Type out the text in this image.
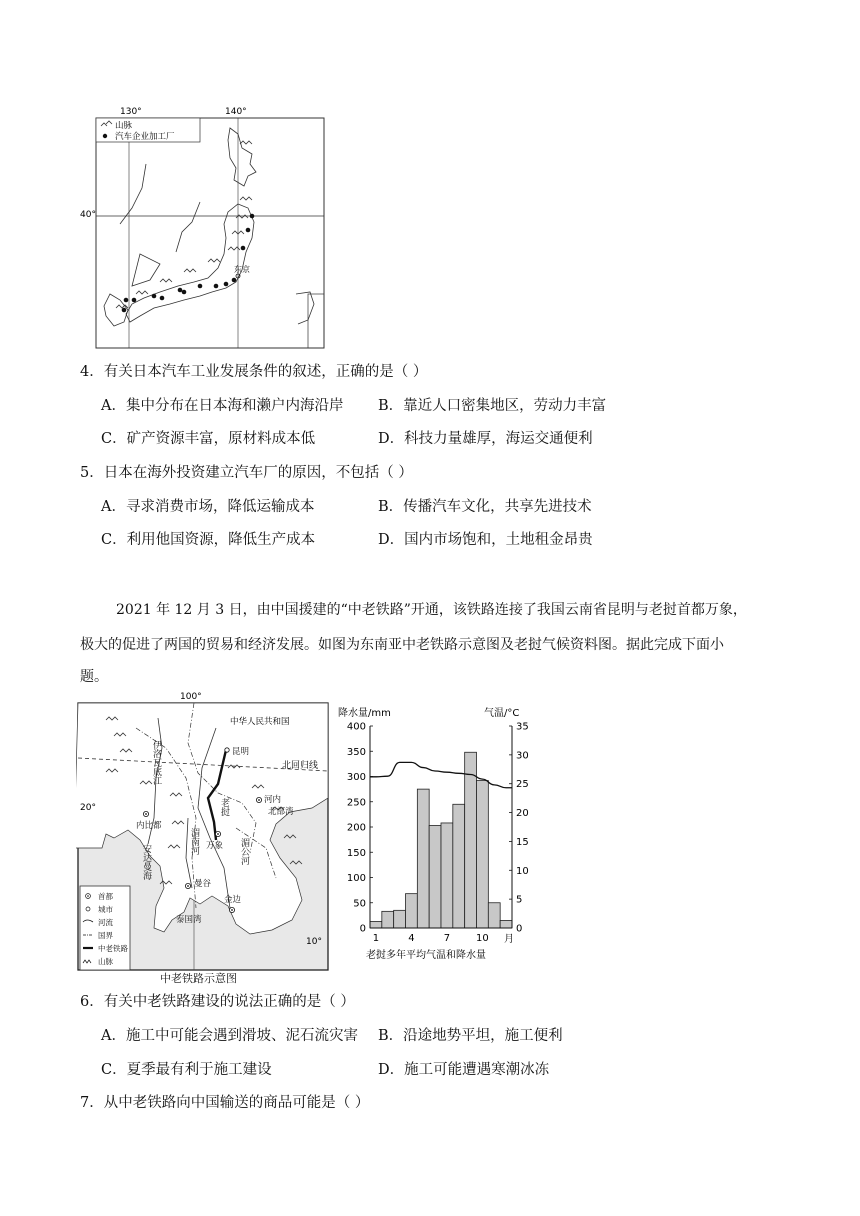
130°	140°
40°
山脉
汽车企业加工厂
东京
4．有关日本汽车工业发展条件的叙述，正确的是（ ）
A．集中分布在日本海和濑户内海沿岸 B．靠近人口密集地区，劳动力丰富
C．矿产资源丰富，原材料成本低	D．科技力量雄厚，海运交通便利
5．日本在海外投资建立汽车厂的原因，不包括（ ）
A．寻求消费市场，降低运输成本	B．传播汽车文化，共享先进技术
C．利用他国资源，降低生产成本	D．国内市场饱和，土地租金昂贵
2021 年 12 月 3 日，由中国援建的“中老铁路”开通，该铁路连接了我国云南省昆明与老挝首都万象，
极大的促进了两国的贸易和经济发展。如图为东南亚中老铁路示意图及老挝气候资料图。据此完成下面小
题。
100°
北回归线
20°
10°
中华人民共和国
昆明
河内
北部湾
内比都
万象
曼谷
金边
泰国湾
伊洛瓦底江
湄南河
老挝
湄公河
安达曼海
首都
城市
河流
国界
中老铁路
山脉
中老铁路示意图
降水量/mm	气温/°C
0
50
100
150
200
250
300
350
400
0
5
10
15
20
25
30
35
1	4	7	10 月
老挝多年平均气温和降水量
6．有关中老铁路建设的说法正确的是（ ）
A．施工中可能会遇到滑坡、泥石流灾害 B．沿途地势平坦，施工便利
C．夏季最有利于施工建设	D．施工可能遭遇寒潮冰冻
7．从中老铁路向中国输送的商品可能是（ ）
